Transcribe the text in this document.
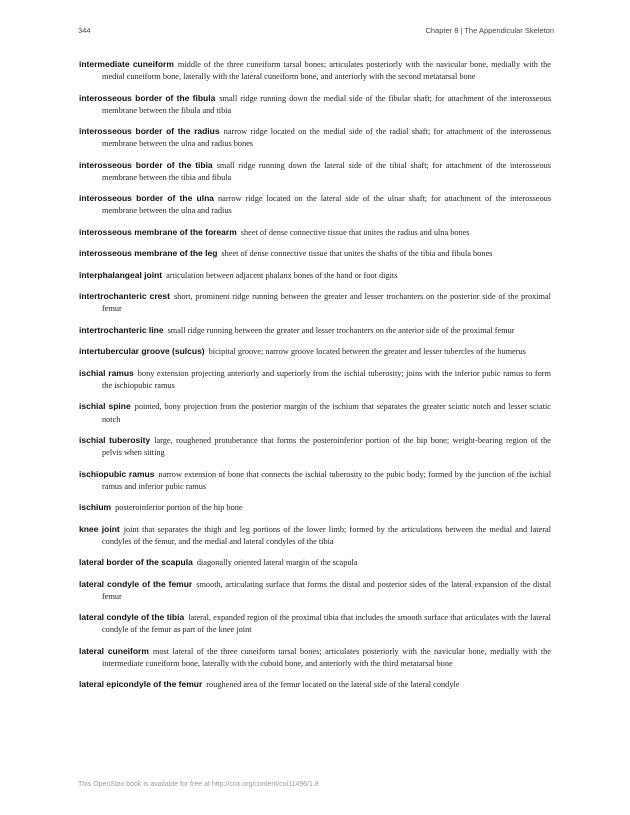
344	Chapter 8 | The Appendicular Skeleton

intermediate cuneiform middle of the three cuneiform tarsal bones; articulates posteriorly with the navicular bone, medially with the medial cuneiform bone, laterally with the lateral cuneiform bone, and anteriorly with the second metatarsal bone

interosseous border of the fibula small ridge running down the medial side of the fibular shaft; for attachment of the interosseous membrane between the fibula and tibia

interosseous border of the radius narrow ridge located on the medial side of the radial shaft; for attachment of the interosseous membrane between the ulna and radius bones

interosseous border of the tibia small ridge running down the lateral side of the tibial shaft; for attachment of the interosseous membrane between the tibia and fibula

interosseous border of the ulna narrow ridge located on the lateral side of the ulnar shaft; for attachment of the interosseous membrane between the ulna and radius

interosseous membrane of the forearm sheet of dense connective tissue that unites the radius and ulna bones

interosseous membrane of the leg sheet of dense connective tissue that unites the shafts of the tibia and fibula bones

interphalangeal joint articulation between adjacent phalanx bones of the hand or foot digits

intertrochanteric crest short, prominent ridge running between the greater and lesser trochanters on the posterior side of the proximal femur

intertrochanteric line small ridge running between the greater and lesser trochanters on the anterior side of the proximal femur

intertubercular groove (sulcus) bicipital groove; narrow groove located between the greater and lesser tubercles of the humerus

ischial ramus bony extension projecting anteriorly and superiorly from the ischial tuberosity; joins with the inferior pubic ramus to form the ischiopubic ramus

ischial spine pointed, bony projection from the posterior margin of the ischium that separates the greater sciatic notch and lesser sciatic notch

ischial tuberosity large, roughened protuberance that forms the posteroinferior portion of the hip bone; weight-bearing region of the pelvis when sitting

ischiopubic ramus narrow extension of bone that connects the ischial tuberosity to the pubic body; formed by the junction of the ischial ramus and inferior pubic ramus

ischium posteroinferior portion of the hip bone

knee joint joint that separates the thigh and leg portions of the lower limb; formed by the articulations between the medial and lateral condyles of the femur, and the medial and lateral condyles of the tibia

lateral border of the scapula diagonally oriented lateral margin of the scapula

lateral condyle of the femur smooth, articulating surface that forms the distal and posterior sides of the lateral expansion of the distal femur

lateral condyle of the tibia lateral, expanded region of the proximal tibia that includes the smooth surface that articulates with the lateral condyle of the femur as part of the knee joint

lateral cuneiform most lateral of the three cuneiform tarsal bones; articulates posteriorly with the navicular bone, medially with the intermediate cuneiform bone, laterally with the cuboid bone, and anteriorly with the third metatarsal bone

lateral epicondyle of the femur roughened area of the femur located on the lateral side of the lateral condyle

This OpenStax book is available for free at http://cnx.org/content/col11496/1.8
